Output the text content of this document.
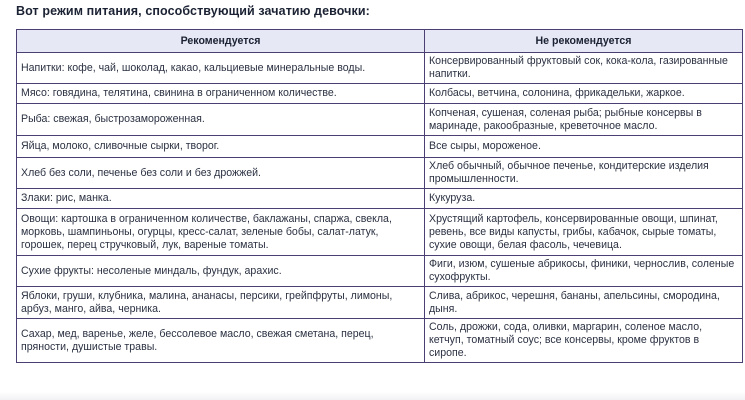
Вот режим питания, способствующий зачатию девочки:
Рекомендуется	Не рекомендуется
Напитки: кофе, чай, шоколад, какао, кальциевые минеральные воды.	Консервированный фруктовый сок, кока-кола, газированные напитки.
Мясо: говядина, телятина, свинина в ограниченном количестве.	Колбасы, ветчина, солонина, фрикадельки, жаркое.
Рыба: свежая, быстрозамороженная.	Копченая, сушеная, соленая рыба; рыбные консервы в маринаде, ракообразные, креветочное масло.
Яйца, молоко, сливочные сырки, творог.	Все сыры, мороженое.
Хлеб без соли, печенье без соли и без дрожжей.	Хлеб обычный, обычное печенье, кондитерские изделия промышленности.
Злаки: рис, манка.	Кукуруза.
Овощи: картошка в ограниченном количестве, баклажаны, спаржа, свекла, морковь, шампиньоны, огурцы, кресс-салат, зеленые бобы, салат-латук, горошек, перец стручковый, лук, вареные томаты.	Хрустящий картофель, консервированные овощи, шпинат, ревень, все виды капусты, грибы, кабачок, сырые томаты, сухие овощи, белая фасоль, чечевица.
Сухие фрукты: несоленые миндаль, фундук, арахис.	Фиги, изюм, сушеные абрикосы, финики, чернослив, соленые сухофрукты.
Яблоки, груши, клубника, малина, ананасы, персики, грейпфруты, лимоны, арбуз, манго, айва, черника.	Слива, абрикос, черешня, бананы, апельсины, смородина, дыня.
Сахар, мед, варенье, желе, бессолевое масло, свежая сметана, перец, пряности, душистые травы.	Соль, дрожжи, сода, оливки, маргарин, соленое масло, кетчуп, томатный соус; все консервы, кроме фруктов в сиропе.
